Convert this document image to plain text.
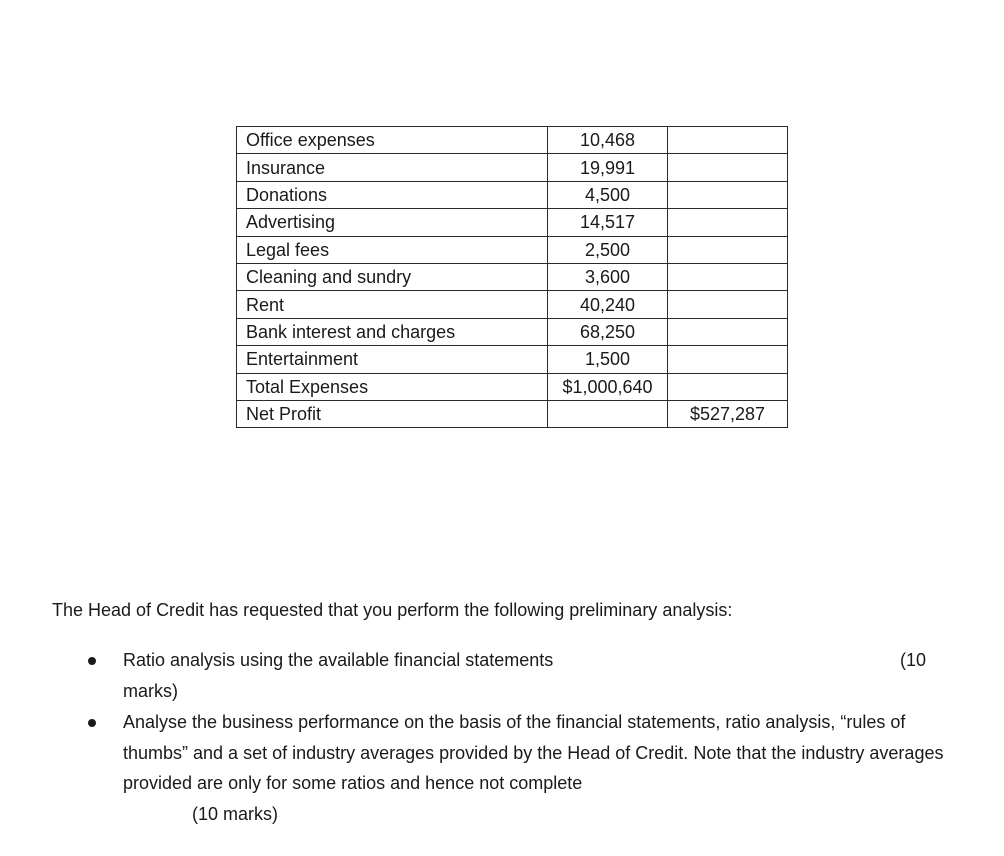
Office expenses	10,468	
Insurance	19,991	
Donations	4,500	
Advertising	14,517	
Legal fees	2,500	
Cleaning and sundry	3,600	
Rent	40,240	
Bank interest and charges	68,250	
Entertainment	1,500	
Total Expenses	$1,000,640	
Net Profit		$527,287

The Head of Credit has requested that you perform the following preliminary analysis:

Ratio analysis using the available financial statements	(10
marks)
Analyse the business performance on the basis of the financial statements, ratio analysis, “rules of thumbs” and a set of industry averages provided by the Head of Credit. Note that the industry averages provided are only for some ratios and hence not complete
(10 marks)
